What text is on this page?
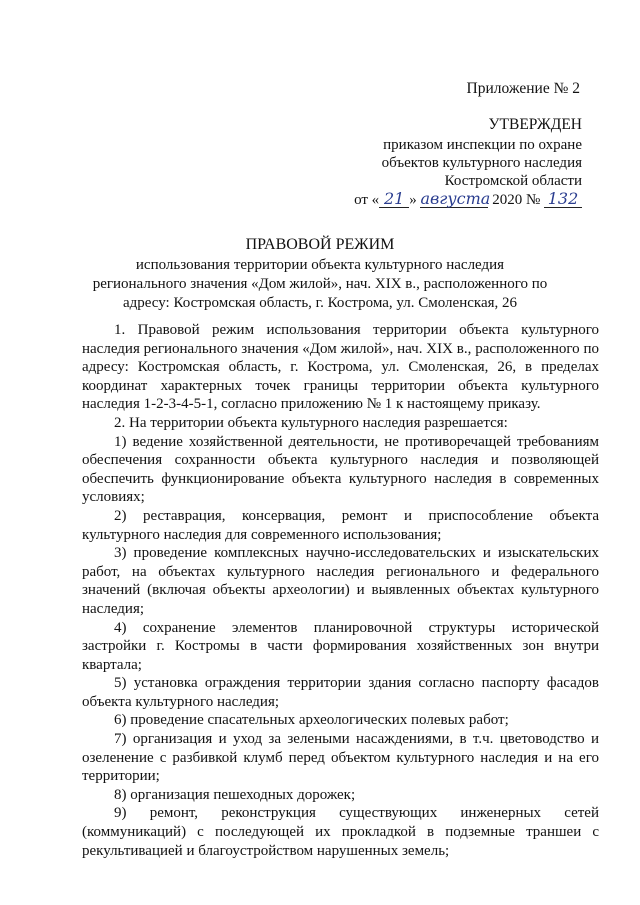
Приложение № 2
УТВЕРЖДЕН
приказом инспекции по охране
объектов культурного наследия
Костромской области
от « 21 » августа 2020 № 132
ПРАВОВОЙ РЕЖИМ
использования территории объекта культурного наследия регионального значения «Дом жилой», нач. XIX в., расположенного по адресу: Костромская область, г. Кострома, ул. Смоленская, 26

1. Правовой режим использования территории объекта культурного наследия регионального значения «Дом жилой», нач. XIX в., расположенного по адресу: Костромская область, г. Кострома, ул. Смоленская, 26, в пределах координат характерных точек границы территории объекта культурного наследия 1-2-3-4-5-1, согласно приложению № 1 к настоящему приказу.

2. На территории объекта культурного наследия разрешается:

1) ведение хозяйственной деятельности, не противоречащей требованиям обеспечения сохранности объекта культурного наследия и позволяющей обеспечить функционирование объекта культурного наследия в современных условиях;

2) реставрация, консервация, ремонт и приспособление объекта культурного наследия для современного использования;

3) проведение комплексных научно-исследовательских и изыскательских работ, на объектах культурного наследия регионального и федерального значений (включая объекты археологии) и выявленных объектах культурного наследия;

4) сохранение элементов планировочной структуры исторической застройки г. Костромы в части формирования хозяйственных зон внутри квартала;

5) установка ограждения территории здания согласно паспорту фасадов объекта культурного наследия;

6) проведение спасательных археологических полевых работ;

7) организация и уход за зелеными насаждениями, в т.ч. цветоводство и озеленение с разбивкой клумб перед объектом культурного наследия и на его территории;

8) организация пешеходных дорожек;

9) ремонт, реконструкция существующих инженерных сетей (коммуникаций) с последующей их прокладкой в подземные траншеи с рекультивацией и благоустройством нарушенных земель;
